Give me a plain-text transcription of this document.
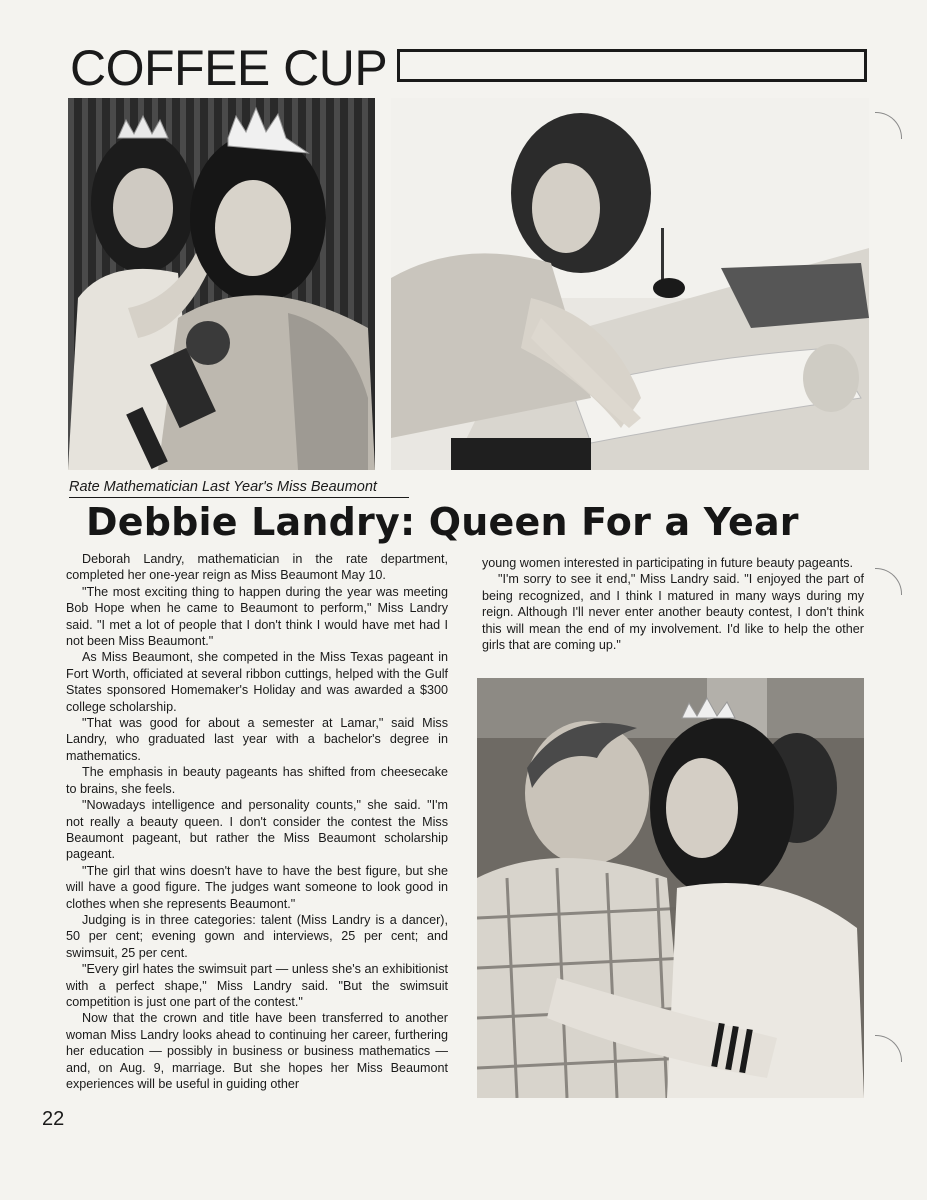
COFFEE CUP
Rate Mathematician Last Year's Miss Beaumont
Debbie Landry: Queen For a Year

Deborah Landry, mathematician in the rate department, completed her one-year reign as Miss Beaumont May 10.

"The most exciting thing to happen during the year was meeting Bob Hope when he came to Beaumont to perform," Miss Landry said. "I met a lot of people that I don't think I would have met had I not been Miss Beaumont."

As Miss Beaumont, she competed in the Miss Texas pageant in Fort Worth, officiated at several ribbon cuttings, helped with the Gulf States sponsored Homemaker's Holiday and was awarded a $300 college scholarship.

"That was good for about a semester at Lamar," said Miss Landry, who graduated last year with a bachelor's degree in mathematics.

The emphasis in beauty pageants has shifted from cheesecake to brains, she feels.

"Nowadays intelligence and personality counts," she said. "I'm not really a beauty queen. I don't consider the contest the Miss Beaumont pageant, but rather the Miss Beaumont scholarship pageant.

"The girl that wins doesn't have to have the best figure, but she will have a good figure. The judges want someone to look good in clothes when she represents Beaumont."

Judging is in three categories: talent (Miss Landry is a dancer), 50 per cent; evening gown and interviews, 25 per cent; and swimsuit, 25 per cent.

"Every girl hates the swimsuit part — unless she's an exhibitionist with a perfect shape," Miss Landry said. "But the swimsuit competition is just one part of the contest."

Now that the crown and title have been transferred to another woman Miss Landry looks ahead to continuing her career, furthering her education — possibly in business or business mathematics — and, on Aug. 9, marriage. But she hopes her Miss Beaumont experiences will be useful in guiding other

young women interested in participating in future beauty pageants.

"I'm sorry to see it end," Miss Landry said. "I enjoyed the part of being recognized, and I think I matured in many ways during my reign. Although I'll never enter another beauty contest, I don't think this will mean the end of my involvement. I'd like to help the other girls that are coming up."

22
